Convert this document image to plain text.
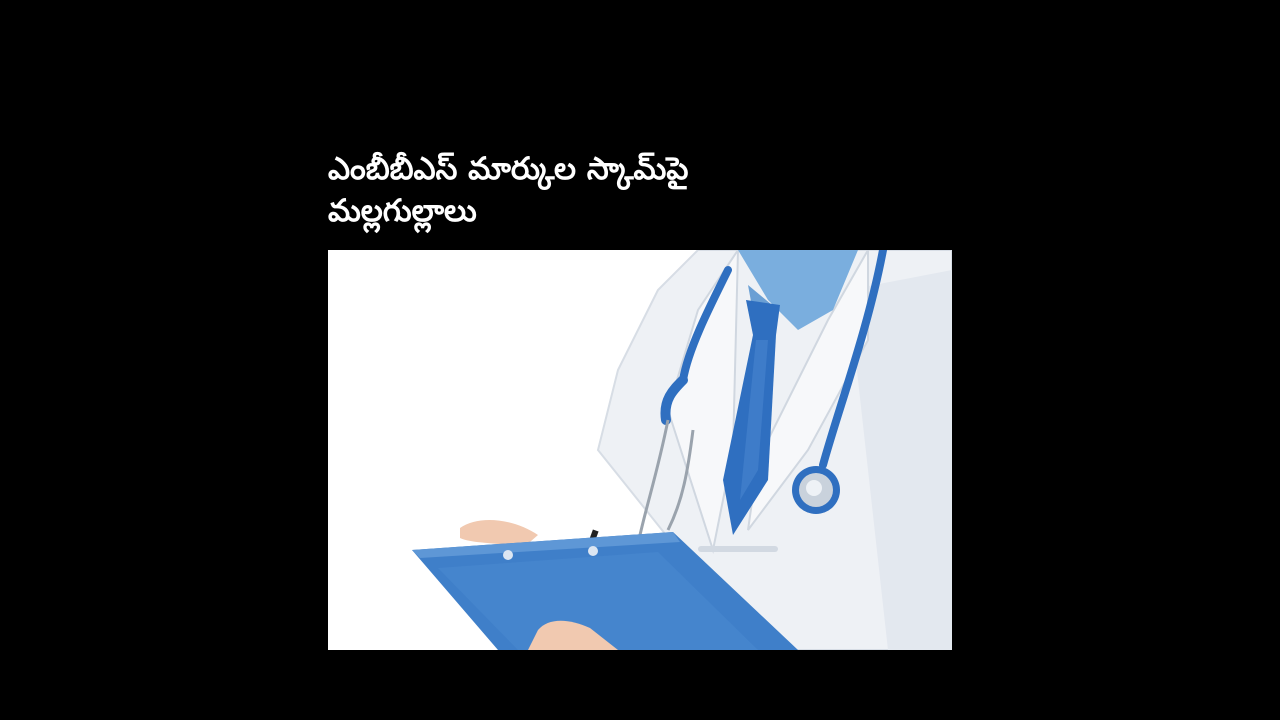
ఎంబీబీఎస్ మార్కుల స్కామ్‌పై మల్లగుల్లాలు
